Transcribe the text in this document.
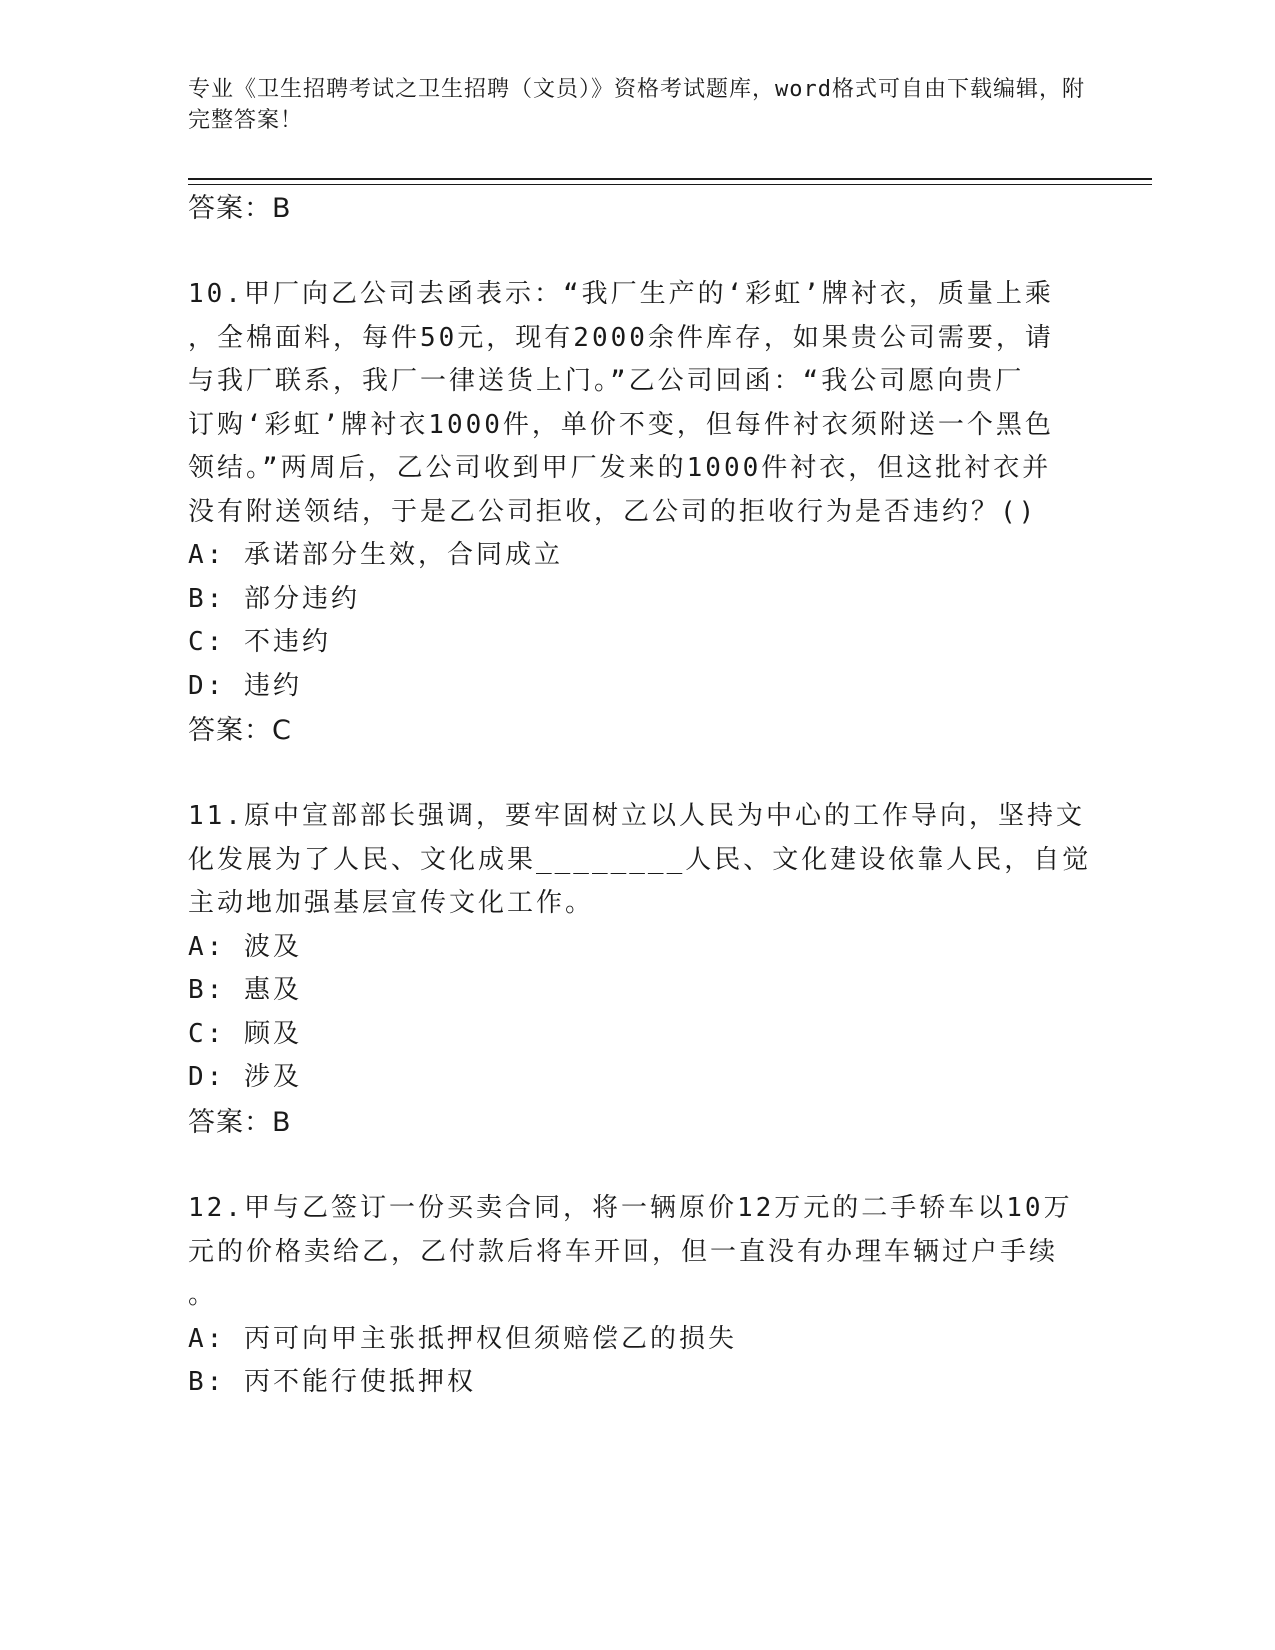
专业《卫生招聘考试之卫生招聘（文员）》资格考试题库，word格式可自由下载编辑，附完整答案！
答案：B
10.甲厂向乙公司去函表示：“我厂生产的‘彩虹’牌衬衣，质量上乘
，全棉面料，每件50元，现有2000余件库存，如果贵公司需要，请
与我厂联系，我厂一律送货上门。”乙公司回函：“我公司愿向贵厂
订购‘彩虹’牌衬衣1000件，单价不变，但每件衬衣须附送一个黑色
领结。”两周后，乙公司收到甲厂发来的1000件衬衣，但这批衬衣并
没有附送领结，于是乙公司拒收，乙公司的拒收行为是否违约？()
A: 承诺部分生效，合同成立
B: 部分违约
C: 不违约
D: 违约
答案：C
11.原中宣部部长强调，要牢固树立以人民为中心的工作导向，坚持文
化发展为了人民、文化成果________人民、文化建设依靠人民，自觉
主动地加强基层宣传文化工作。
A: 波及
B: 惠及
C: 顾及
D: 涉及
答案：B
12.甲与乙签订一份买卖合同，将一辆原价12万元的二手轿车以10万
元的价格卖给乙，乙付款后将车开回，但一直没有办理车辆过户手续
。
A: 丙可向甲主张抵押权但须赔偿乙的损失
B: 丙不能行使抵押权
